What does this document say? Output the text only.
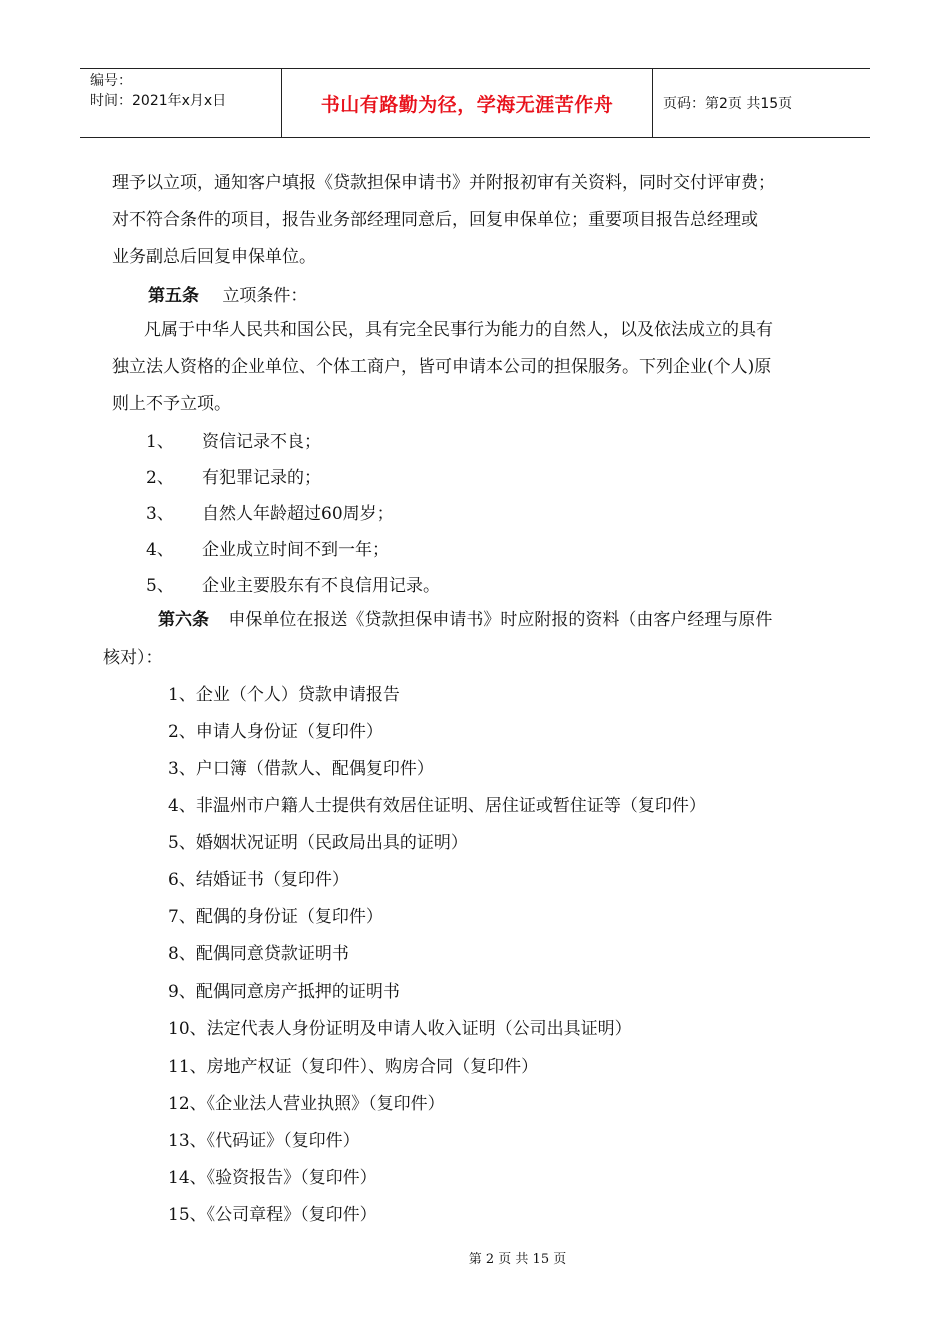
编号：
时间：2021年x月x日	书山有路勤为径，学海无涯苦作舟	页码：第2页 共15页
理予以立项，通知客户填报《贷款担保申请书》并附报初审有关资料，同时交付评审费；
对不符合条件的项目，报告业务部经理同意后，回复申保单位；重要项目报告总经理或
业务副总后回复申保单位。
第五条 立项条件：
凡属于中华人民共和国公民，具有完全民事行为能力的自然人，以及依法成立的具有
独立法人资格的企业单位、个体工商户，皆可申请本公司的担保服务。下列企业(个人)原
则上不予立项。
1、 资信记录不良；
2、 有犯罪记录的；
3、 自然人年龄超过60周岁；
4、 企业成立时间不到一年；
5、 企业主要股东有不良信用记录。
第六条 申保单位在报送《贷款担保申请书》时应附报的资料（由客户经理与原件
核对）：
1、企业（个人）贷款申请报告
2、申请人身份证（复印件）
3、户口簿（借款人、配偶复印件）
4、非温州市户籍人士提供有效居住证明、居住证或暂住证等（复印件）
5、婚姻状况证明（民政局出具的证明）
6、结婚证书（复印件）
7、配偶的身份证（复印件）
8、配偶同意贷款证明书
9、配偶同意房产抵押的证明书
10、法定代表人身份证明及申请人收入证明（公司出具证明）
11、房地产权证（复印件）、购房合同（复印件）
12、《企业法人营业执照》（复印件）
13、《代码证》（复印件）
14、《验资报告》（复印件）
15、《公司章程》（复印件）
第 2 页 共 15 页
